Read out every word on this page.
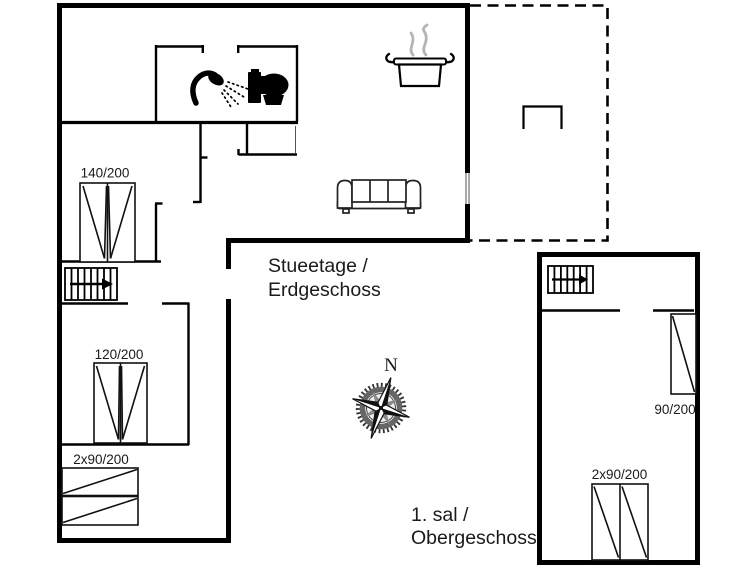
140/200
120/200
2x90/200
Stueetage /
Erdgeschoss
N
90/200
2x90/200
1. sal /
Obergeschoss
